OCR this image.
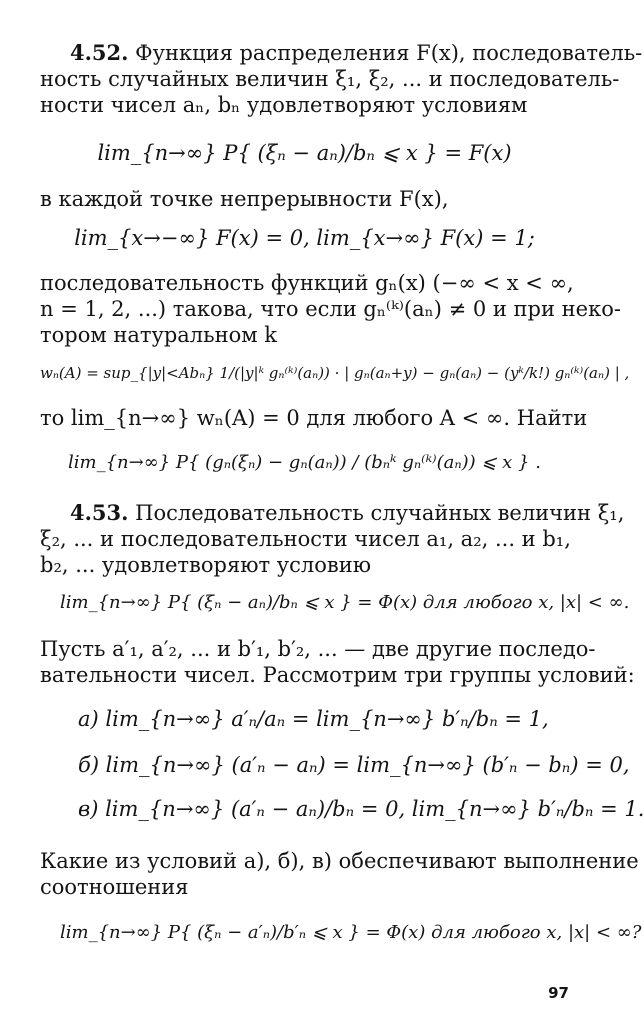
4.52. Функция распределения F(x), последователь-
ность случайных величин ξ₁, ξ₂, ... и последователь-
ности чисел aₙ, bₙ удовлетворяют условиям
lim_{n→∞} P{ (ξₙ − aₙ)/bₙ ⩽ x } = F(x)
в каждой точке непрерывности F(x),
lim_{x→−∞} F(x) = 0, lim_{x→∞} F(x) = 1;
последовательность функций gₙ(x) (−∞ < x < ∞,
n = 1, 2, ...) такова, что если gₙ⁽ᵏ⁾(aₙ) ≠ 0 и при неко-
тором натуральном k
wₙ(A) = sup_{|y|<Abₙ} 1/(|y|ᵏ gₙ⁽ᵏ⁾(aₙ)) · | gₙ(aₙ+y) − gₙ(aₙ) − (yᵏ/k!) gₙ⁽ᵏ⁾(aₙ) | ,
то lim_{n→∞} wₙ(A) = 0 для любого A < ∞. Найти
lim_{n→∞} P{ (gₙ(ξₙ) − gₙ(aₙ)) / (bₙᵏ gₙ⁽ᵏ⁾(aₙ)) ⩽ x } .
4.53. Последовательность случайных величин ξ₁,
ξ₂, ... и последовательности чисел a₁, a₂, ... и b₁,
b₂, ... удовлетворяют условию
lim_{n→∞} P{ (ξₙ − aₙ)/bₙ ⩽ x } = Φ(x) для любого x, |x| < ∞.
Пусть a′₁, a′₂, ... и b′₁, b′₂, ... — две другие последо-
вательности чисел. Рассмотрим три группы условий:
а) lim_{n→∞} a′ₙ/aₙ = lim_{n→∞} b′ₙ/bₙ = 1,
б) lim_{n→∞} (a′ₙ − aₙ) = lim_{n→∞} (b′ₙ − bₙ) = 0,
в) lim_{n→∞} (a′ₙ − aₙ)/bₙ = 0, lim_{n→∞} b′ₙ/bₙ = 1.
Какие из условий а), б), в) обеспечивают выполнение
соотношения
lim_{n→∞} P{ (ξₙ − a′ₙ)/b′ₙ ⩽ x } = Φ(x) для любого x, |x| < ∞?
97
